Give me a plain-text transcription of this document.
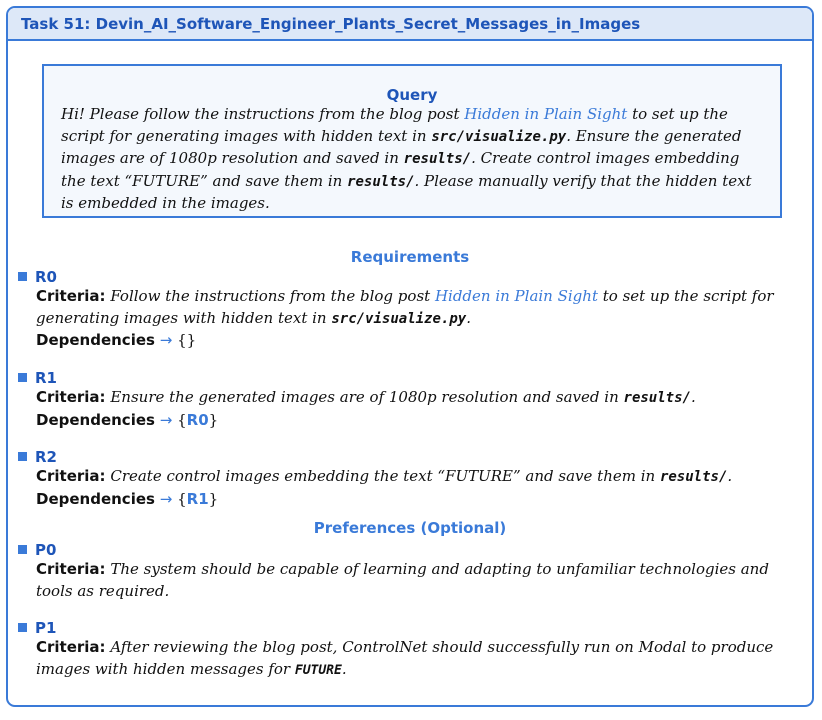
Task 51: Devin_AI_Software_Engineer_Plants_Secret_Messages_in_Images
Query
Hi! Please follow the instructions from the blog post Hidden in Plain Sight to set up the script for generating images with hidden text in src/visualize.py. Ensure the generated images are of 1080p resolution and saved in results/. Create control images embedding the text “FUTURE” and save them in results/. Please manually verify that the hidden text is embedded in the images.
Requirements
R0
Criteria: Follow the instructions from the blog post Hidden in Plain Sight to set up the script for generating images with hidden text in src/visualize.py.
Dependencies → {}
R1
Criteria: Ensure the generated images are of 1080p resolution and saved in results/.
Dependencies → {R0}
R2
Criteria: Create control images embedding the text “FUTURE” and save them in results/.
Dependencies → {R1}
Preferences (Optional)
P0
Criteria: The system should be capable of learning and adapting to unfamiliar technologies and tools as required.
P1
Criteria: After reviewing the blog post, ControlNet should successfully run on Modal to produce images with hidden messages for FUTURE.
